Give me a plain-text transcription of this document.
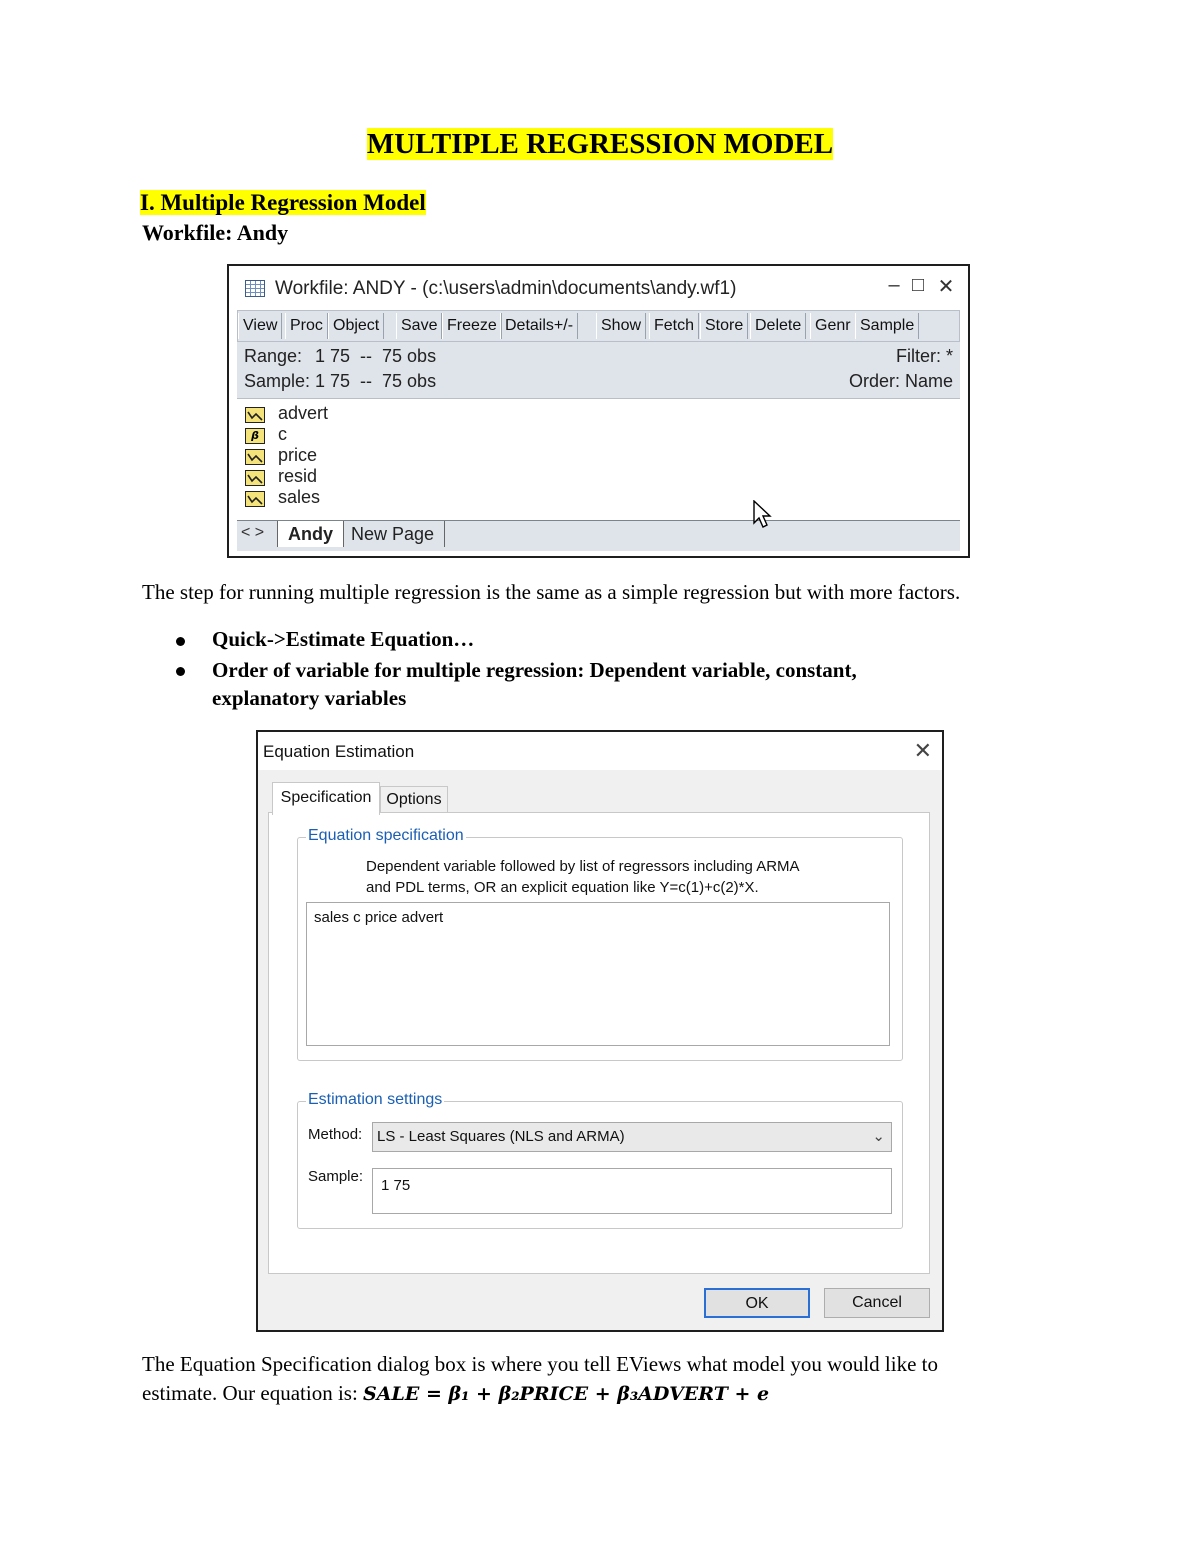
MULTIPLE REGRESSION MODEL
I. Multiple Regression Model
Workfile: Andy
Workfile: ANDY - (c:\users\admin\documents\andy.wf1)	– □ ✕
View Proc Object	Save Freeze Details+/-	Show Fetch Store Delete Genr Sample
Range: 1 75  --  75 obs
Sample: 1 75  --  75 obs
Filter: *
Order: Name
advert
β	c
price
resid
sales
< >	Andy	New Page
The step for running multiple regression is the same as a simple regression but with more factors.
Quick->Estimate Equation…
Order of variable for multiple regression: Dependent variable, constant,
explanatory variables
Equation Estimation	✕
Specification Options
Equation specification
Dependent variable followed by list of regressors including ARMA
and PDL terms, OR an explicit equation like Y=c(1)+c(2)*X.
sales c price advert
Estimation settings
Method: LS - Least Squares (NLS and ARMA)	⌄
Sample:
1 75
OK	Cancel
The Equation Specification dialog box is where you tell EViews what model you would like to
estimate. Our equation is: SALE = β₁ + β₂PRICE + β₃ADVERT + e
